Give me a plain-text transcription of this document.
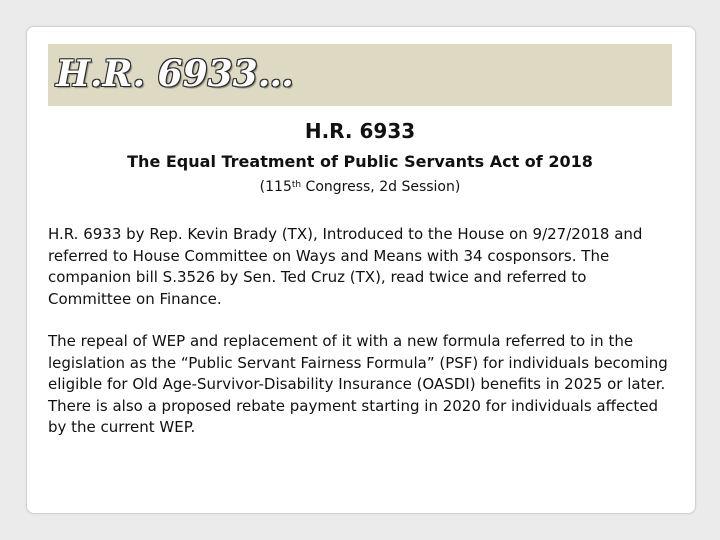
H.R. 6933…

H.R. 6933

The Equal Treatment of Public Servants Act of 2018

(115th Congress, 2d Session)

H.R. 6933 by Rep. Kevin Brady (TX), Introduced to the House on 9/27/2018 and referred to House Committee on Ways and Means with 34 cosponsors. The companion bill S.3526 by Sen. Ted Cruz (TX), read twice and referred to Committee on Finance.

The repeal of WEP and replacement of it with a new formula referred to in the legislation as the “Public Servant Fairness Formula” (PSF) for individuals becoming eligible for Old Age-Survivor-Disability Insurance (OASDI) benefits in 2025 or later. There is also a proposed rebate payment starting in 2020 for individuals affected by the current WEP.
